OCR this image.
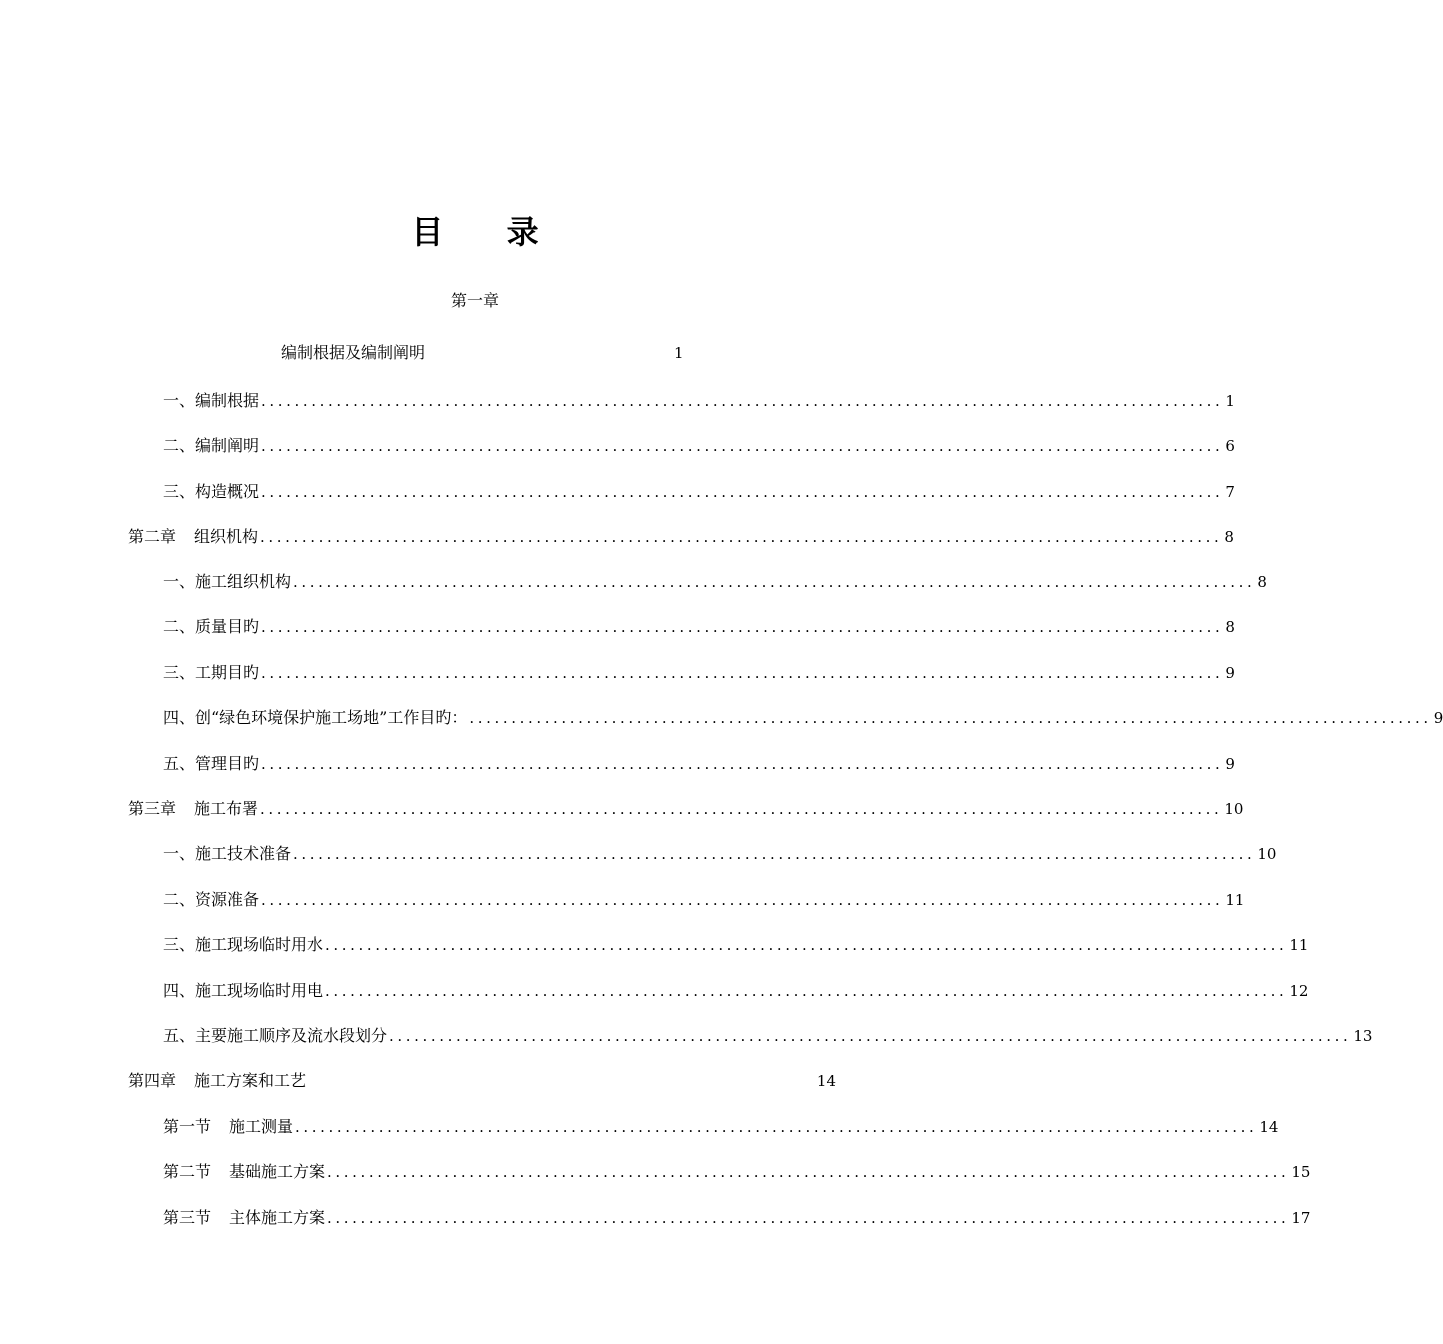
目 录
第一章
编制根据及编制阐明	1
一、编制根据 ................................................................................................................... 1
二、编制阐明 ................................................................................................................... 6
三、构造概况 ................................................................................................................... 7
第二章 组织机构 ................................................................................................................... 8
一、施工组织机构 ................................................................................................................... 8
二、质量目旳 ................................................................................................................... 8
三、工期目旳 ................................................................................................................... 9
四、创“绿色环境保护施工场地”工作目旳： ................................................................................................................... 9
五、管理目旳 ................................................................................................................... 9
第三章 施工布署 ................................................................................................................... 10
一、施工技术准备 ................................................................................................................... 10
二、资源准备 ................................................................................................................... 11
三、施工现场临时用水 ................................................................................................................... 11
四、施工现场临时用电 ................................................................................................................... 12
五、主要施工顺序及流水段划分 ................................................................................................................... 13
第四章 施工方案和工艺	14
第一节 施工测量 ................................................................................................................... 14
第二节 基础施工方案 ................................................................................................................... 15
第三节 主体施工方案 ................................................................................................................... 17
